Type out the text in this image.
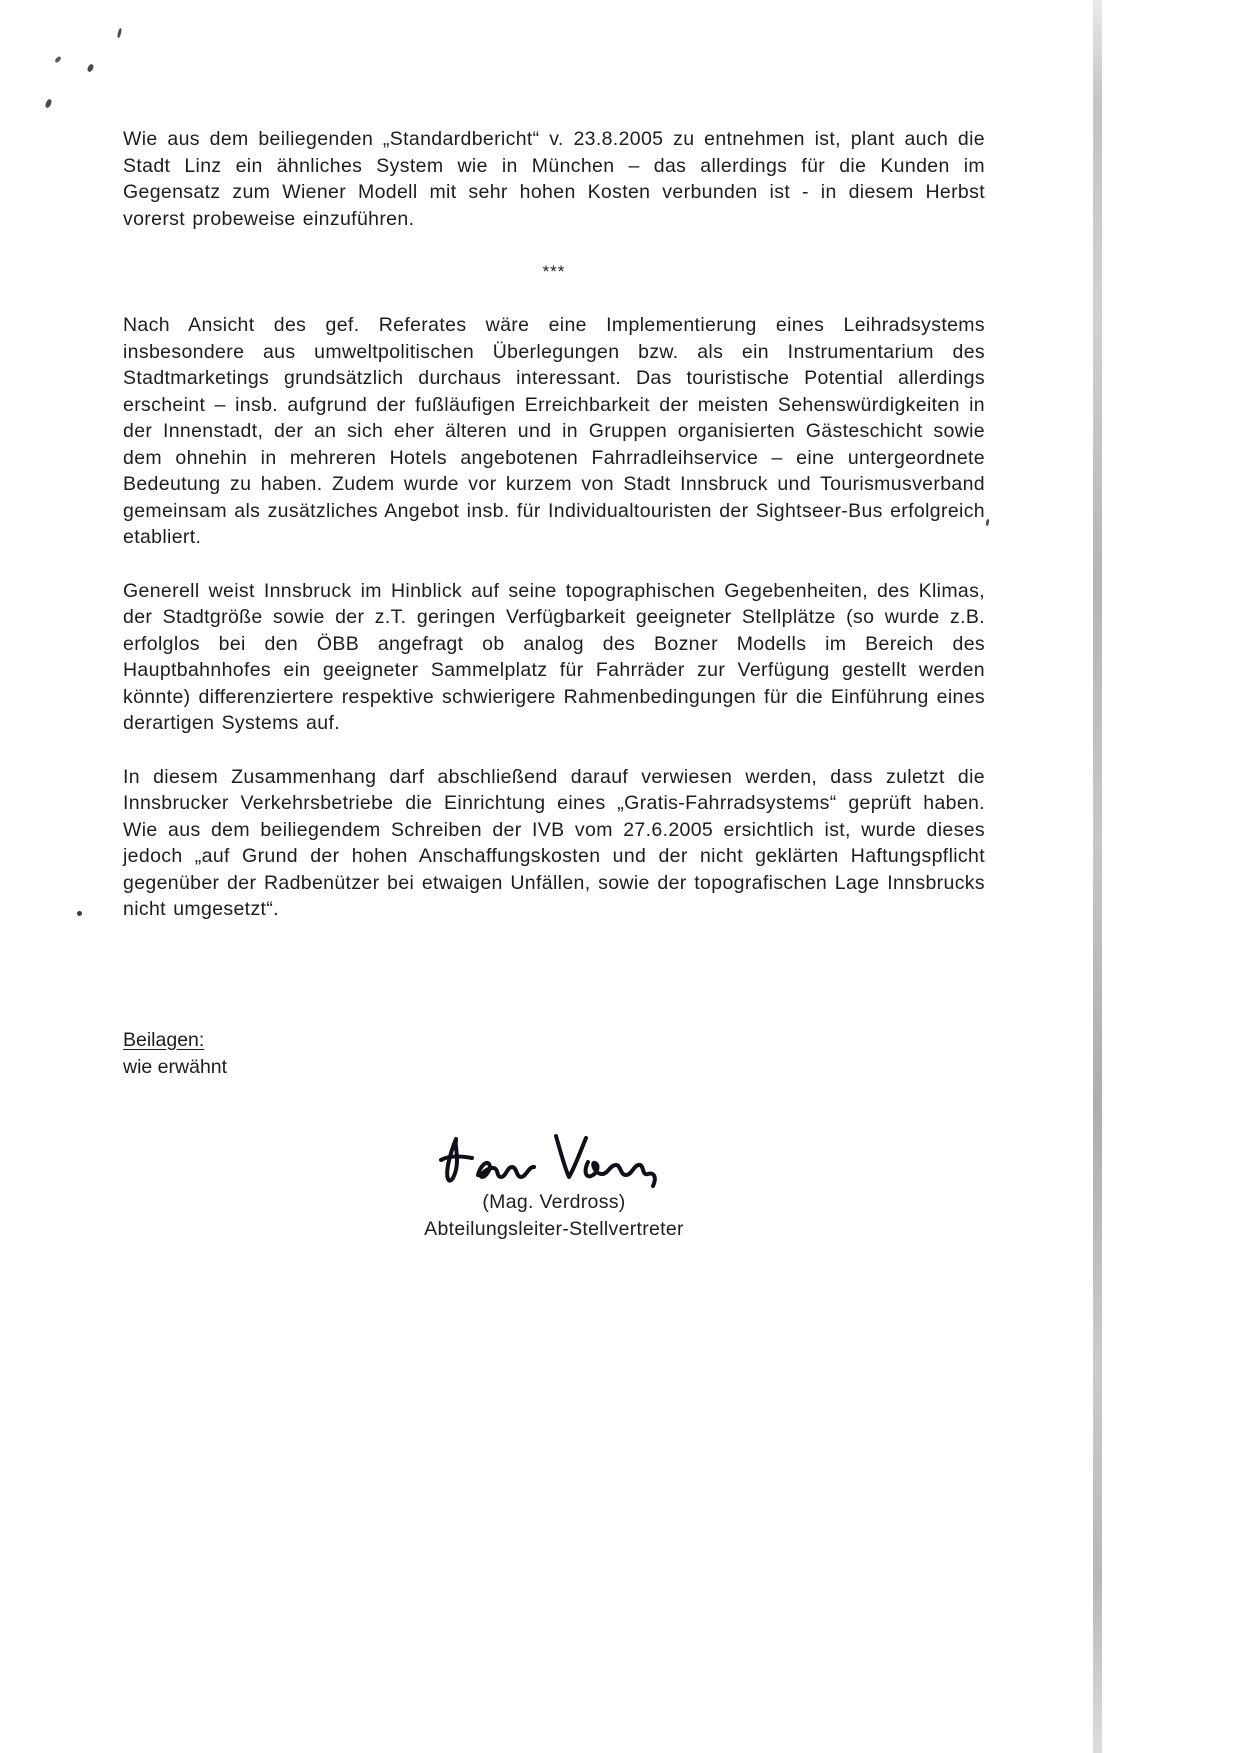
Wie aus dem beiliegenden „Standardbericht“ v. 23.8.2005 zu entnehmen ist, plant auch die Stadt Linz ein ähnliches System wie in München – das allerdings für die Kunden im Gegensatz zum Wiener Modell mit sehr hohen Kosten verbunden ist - in diesem Herbst vorerst probeweise einzuführen.

***

Nach Ansicht des gef. Referates wäre eine Implementierung eines Leihradsystems insbesondere aus umweltpolitischen Überlegungen bzw. als ein Instrumentarium des Stadtmarketings grundsätzlich durchaus interessant. Das touristische Potential allerdings erscheint – insb. aufgrund der fußläufigen Erreichbarkeit der meisten Sehenswürdigkeiten in der Innenstadt, der an sich eher älteren und in Gruppen organisierten Gästeschicht sowie dem ohnehin in mehreren Hotels angebotenen Fahrradleihservice – eine untergeordnete Bedeutung zu haben. Zudem wurde vor kurzem von Stadt Innsbruck und Tourismusverband gemeinsam als zusätzliches Angebot insb. für Individualtouristen der Sightseer-Bus erfolgreich etabliert.

Generell weist Innsbruck im Hinblick auf seine topographischen Gegebenheiten, des Klimas, der Stadtgröße sowie der z.T. geringen Verfügbarkeit geeigneter Stellplätze (so wurde z.B. erfolglos bei den ÖBB angefragt ob analog des Bozner Modells im Bereich des Hauptbahnhofes ein geeigneter Sammelplatz für Fahrräder zur Verfügung gestellt werden könnte) differenziertere respektive schwierigere Rahmenbedingungen für die Einführung eines derartigen Systems auf.

In diesem Zusammenhang darf abschließend darauf verwiesen werden, dass zuletzt die Innsbrucker Verkehrsbetriebe die Einrichtung eines „Gratis-Fahrradsystems“ geprüft haben. Wie aus dem beiliegendem Schreiben der IVB vom 27.6.2005 ersichtlich ist, wurde dieses jedoch „auf Grund der hohen Anschaffungskosten und der nicht geklärten Haftungspflicht gegenüber der Radbenützer bei etwaigen Unfällen, sowie der topografischen Lage Innsbrucks nicht umgesetzt“.

Beilagen:

wie erwähnt

(Mag. Verdross)

Abteilungsleiter-Stellvertreter
